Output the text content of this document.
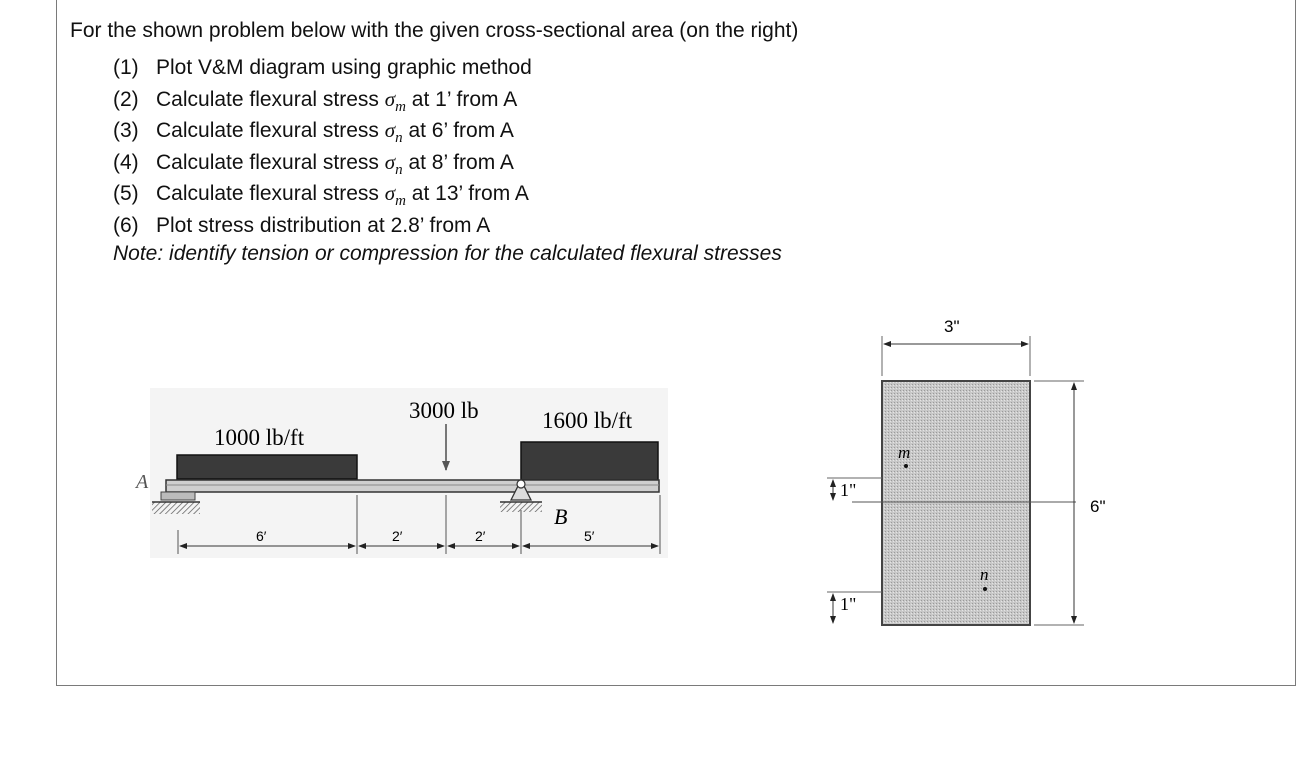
For the shown problem below with the given cross-sectional area (on the right)
(1) Plot V&M diagram using graphic method
(2) Calculate flexural stress $\sigma_m$ at 1’ from A
(3) Calculate flexural stress $\sigma_n$ at 6’ from A
(4) Calculate flexural stress $\sigma_n$ at 8’ from A
(5) Calculate flexural stress $\sigma_m$ at 13’ from A
(6) Plot stress distribution at 2.8’ from A
Note: identify tension or compression for the calculated flexural stresses
1000 lb/ft
3000 lb	1600 lb/ft
A
B
6′	2′	2′	5′
3"
6"
1"
1"
m
n
